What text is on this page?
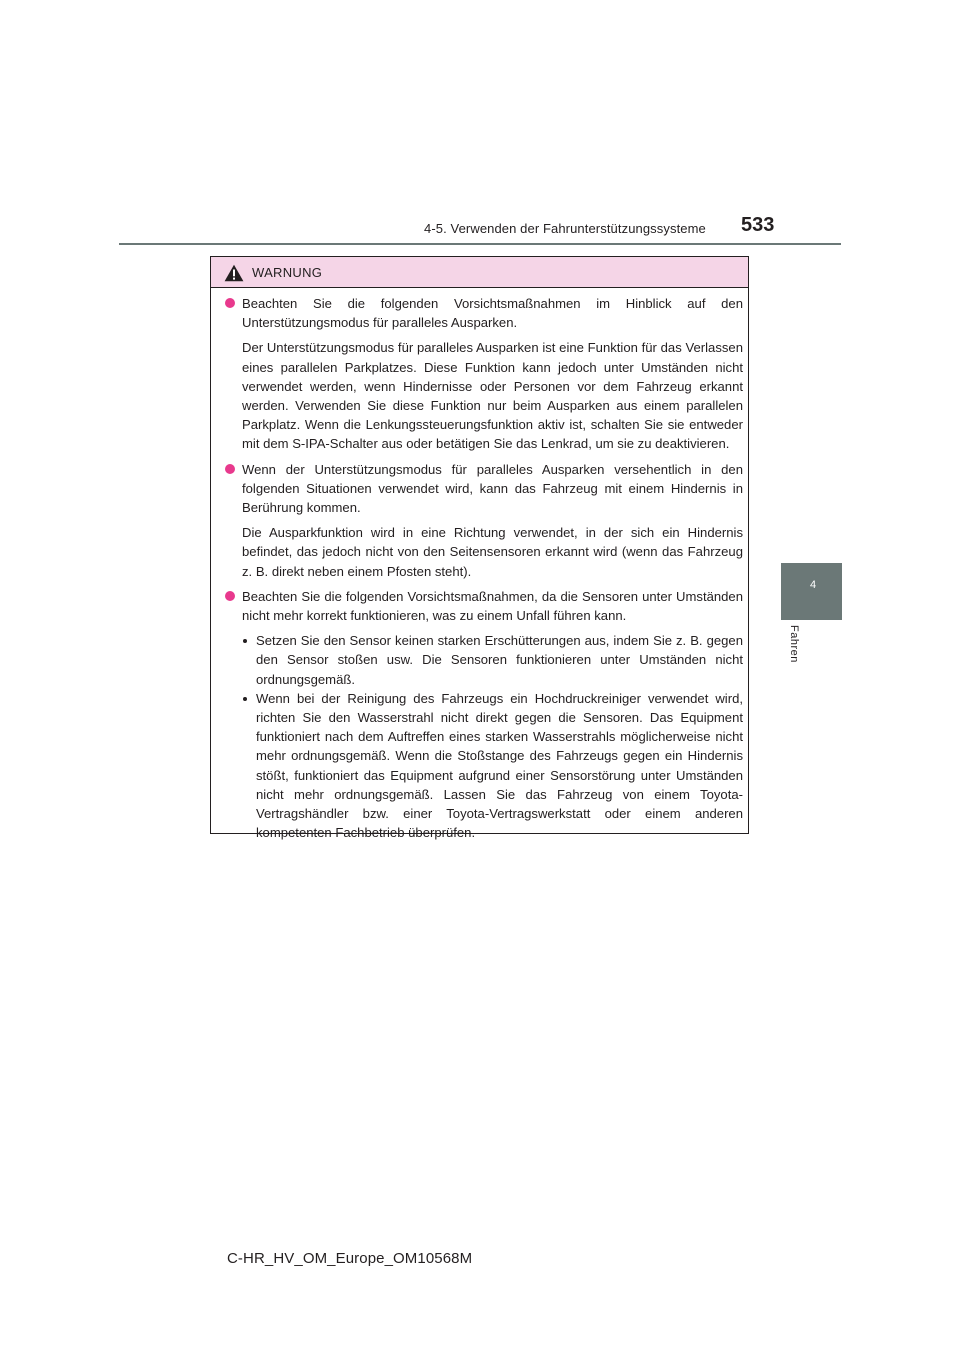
4-5. Verwenden der Fahrunterstützungssysteme 533
4
Fahren
WARNUNG
Beachten Sie die folgenden Vorsichtsmaßnahmen im Hinblick auf den Unterstützungsmodus für paralleles Ausparken.

Der Unterstützungsmodus für paralleles Ausparken ist eine Funktion für das Verlassen eines parallelen Parkplatzes. Diese Funktion kann jedoch unter Umständen nicht verwendet werden, wenn Hindernisse oder Personen vor dem Fahrzeug erkannt werden. Verwenden Sie diese Funktion nur beim Ausparken aus einem parallelen Parkplatz. Wenn die Lenkungssteuerungsfunktion aktiv ist, schalten Sie sie entweder mit dem S-IPA-Schalter aus oder betätigen Sie das Lenkrad, um sie zu deaktivieren.

Wenn der Unterstützungsmodus für paralleles Ausparken versehentlich in den folgenden Situationen verwendet wird, kann das Fahrzeug mit einem Hindernis in Berührung kommen.

Die Ausparkfunktion wird in eine Richtung verwendet, in der sich ein Hindernis befindet, das jedoch nicht von den Seitensensoren erkannt wird (wenn das Fahrzeug z. B. direkt neben einem Pfosten steht).

Beachten Sie die folgenden Vorsichtsmaßnahmen, da die Sensoren unter Umständen nicht mehr korrekt funktionieren, was zu einem Unfall führen kann.
Setzen Sie den Sensor keinen starken Erschütterungen aus, indem Sie z. B. gegen den Sensor stoßen usw. Die Sensoren funktionieren unter Umständen nicht ordnungsgemäß.
Wenn bei der Reinigung des Fahrzeugs ein Hochdruckreiniger verwendet wird, richten Sie den Wasserstrahl nicht direkt gegen die Sensoren. Das Equipment funktioniert nach dem Auftreffen eines starken Wasserstrahls möglicherweise nicht mehr ordnungsgemäß. Wenn die Stoßstange des Fahrzeugs gegen ein Hindernis stößt, funktioniert das Equipment aufgrund einer Sensorstörung unter Umständen nicht mehr ordnungsgemäß. Lassen Sie das Fahrzeug von einem Toyota-Vertragshändler bzw. einer Toyota-Vertragswerkstatt oder einem anderen kompetenten Fachbetrieb überprüfen.
C-HR_HV_OM_Europe_OM10568M
